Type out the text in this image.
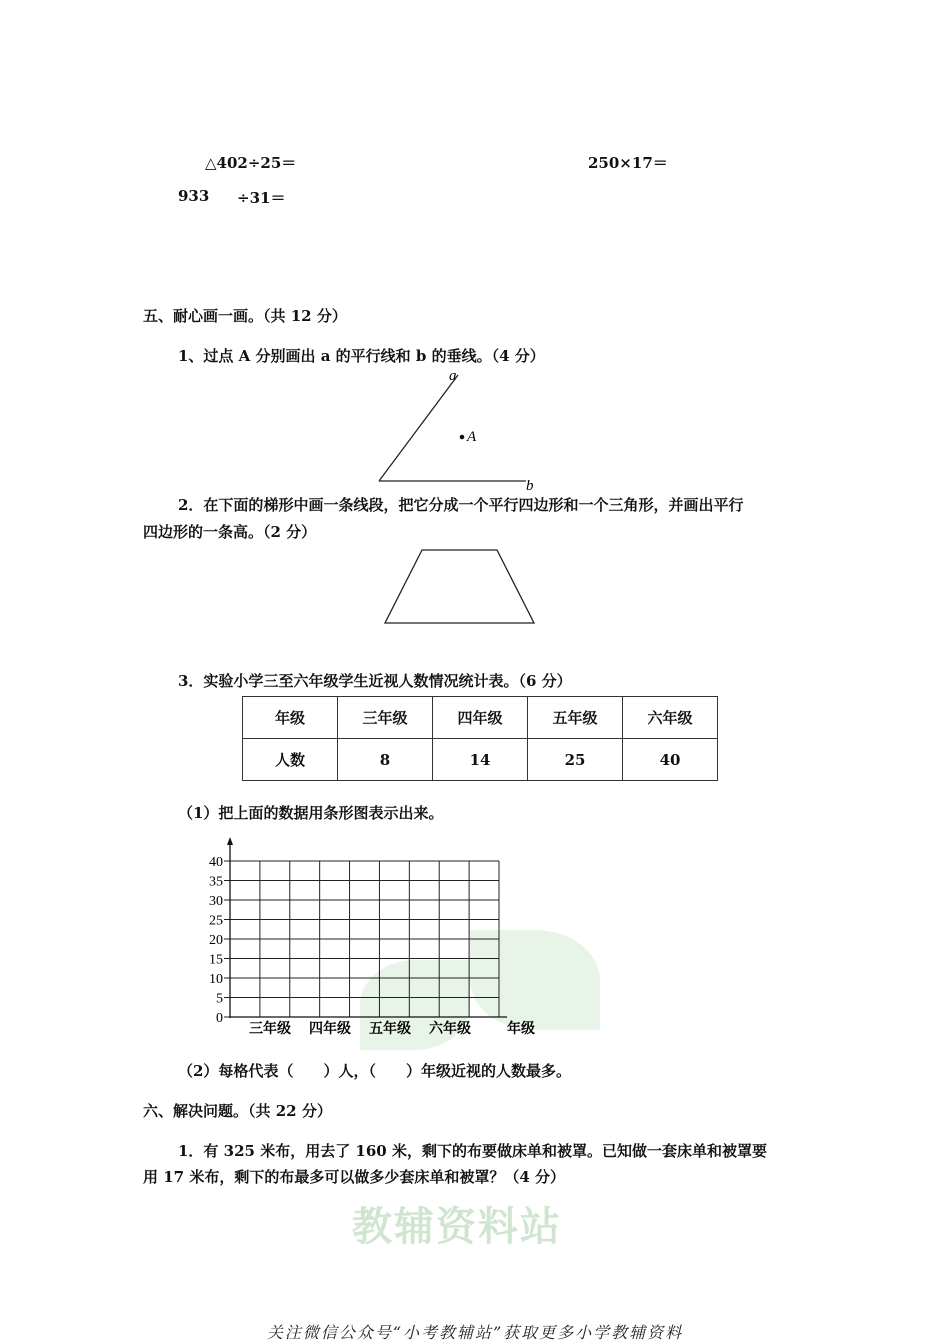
教辅资料站
△402÷25＝	250×17＝
933 ÷31＝
五、耐心画一画。（共 12 分）
1、过点 A 分别画出 a 的平行线和 b 的垂线。（4 分）
a
b
A
2．在下面的梯形中画一条线段，把它分成一个平行四边形和一个三角形，并画出平行
四边形的一条高。（2 分）
3．实验小学三至六年级学生近视人数情况统计表。（6 分）
年级	三年级	四年级	五年级	六年级
人数	8	14	25	40
（1）把上面的数据用条形图表示出来。
0
5
10
15
20
25
30
35
40
三年级 四年级 五年级 六年级	年级
（2）每格代表（　　）人，（　　）年级近视的人数最多。
六、解决问题。（共 22 分）
1．有 325 米布，用去了 160 米，剩下的布要做床单和被罩。已知做一套床单和被罩要
用 17 米布，剩下的布最多可以做多少套床单和被罩？（4 分）
关注微信公众号“小考教辅站”获取更多小学教辅资料
